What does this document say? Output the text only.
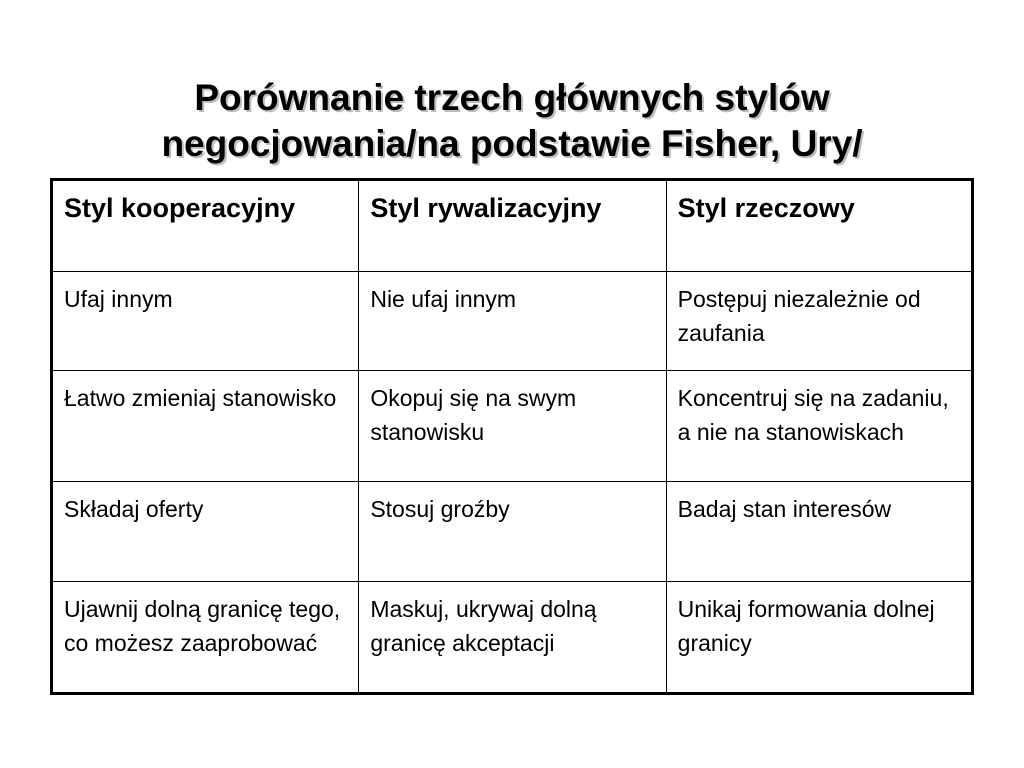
Porównanie trzech głównych stylów
negocjowania/na podstawie Fisher, Ury/
Styl kooperacyjny	Styl rywalizacyjny	Styl rzeczowy
Ufaj innym	Nie ufaj innym	Postępuj niezależnie od zaufania
Łatwo zmieniaj stanowisko	Okopuj się na swym stanowisku	Koncentruj się na zadaniu, a nie na stanowiskach
Składaj oferty	Stosuj groźby	Badaj stan interesów
Ujawnij dolną granicę tego, co możesz zaaprobować	Maskuj, ukrywaj dolną granicę akceptacji	Unikaj formowania dolnej granicy
